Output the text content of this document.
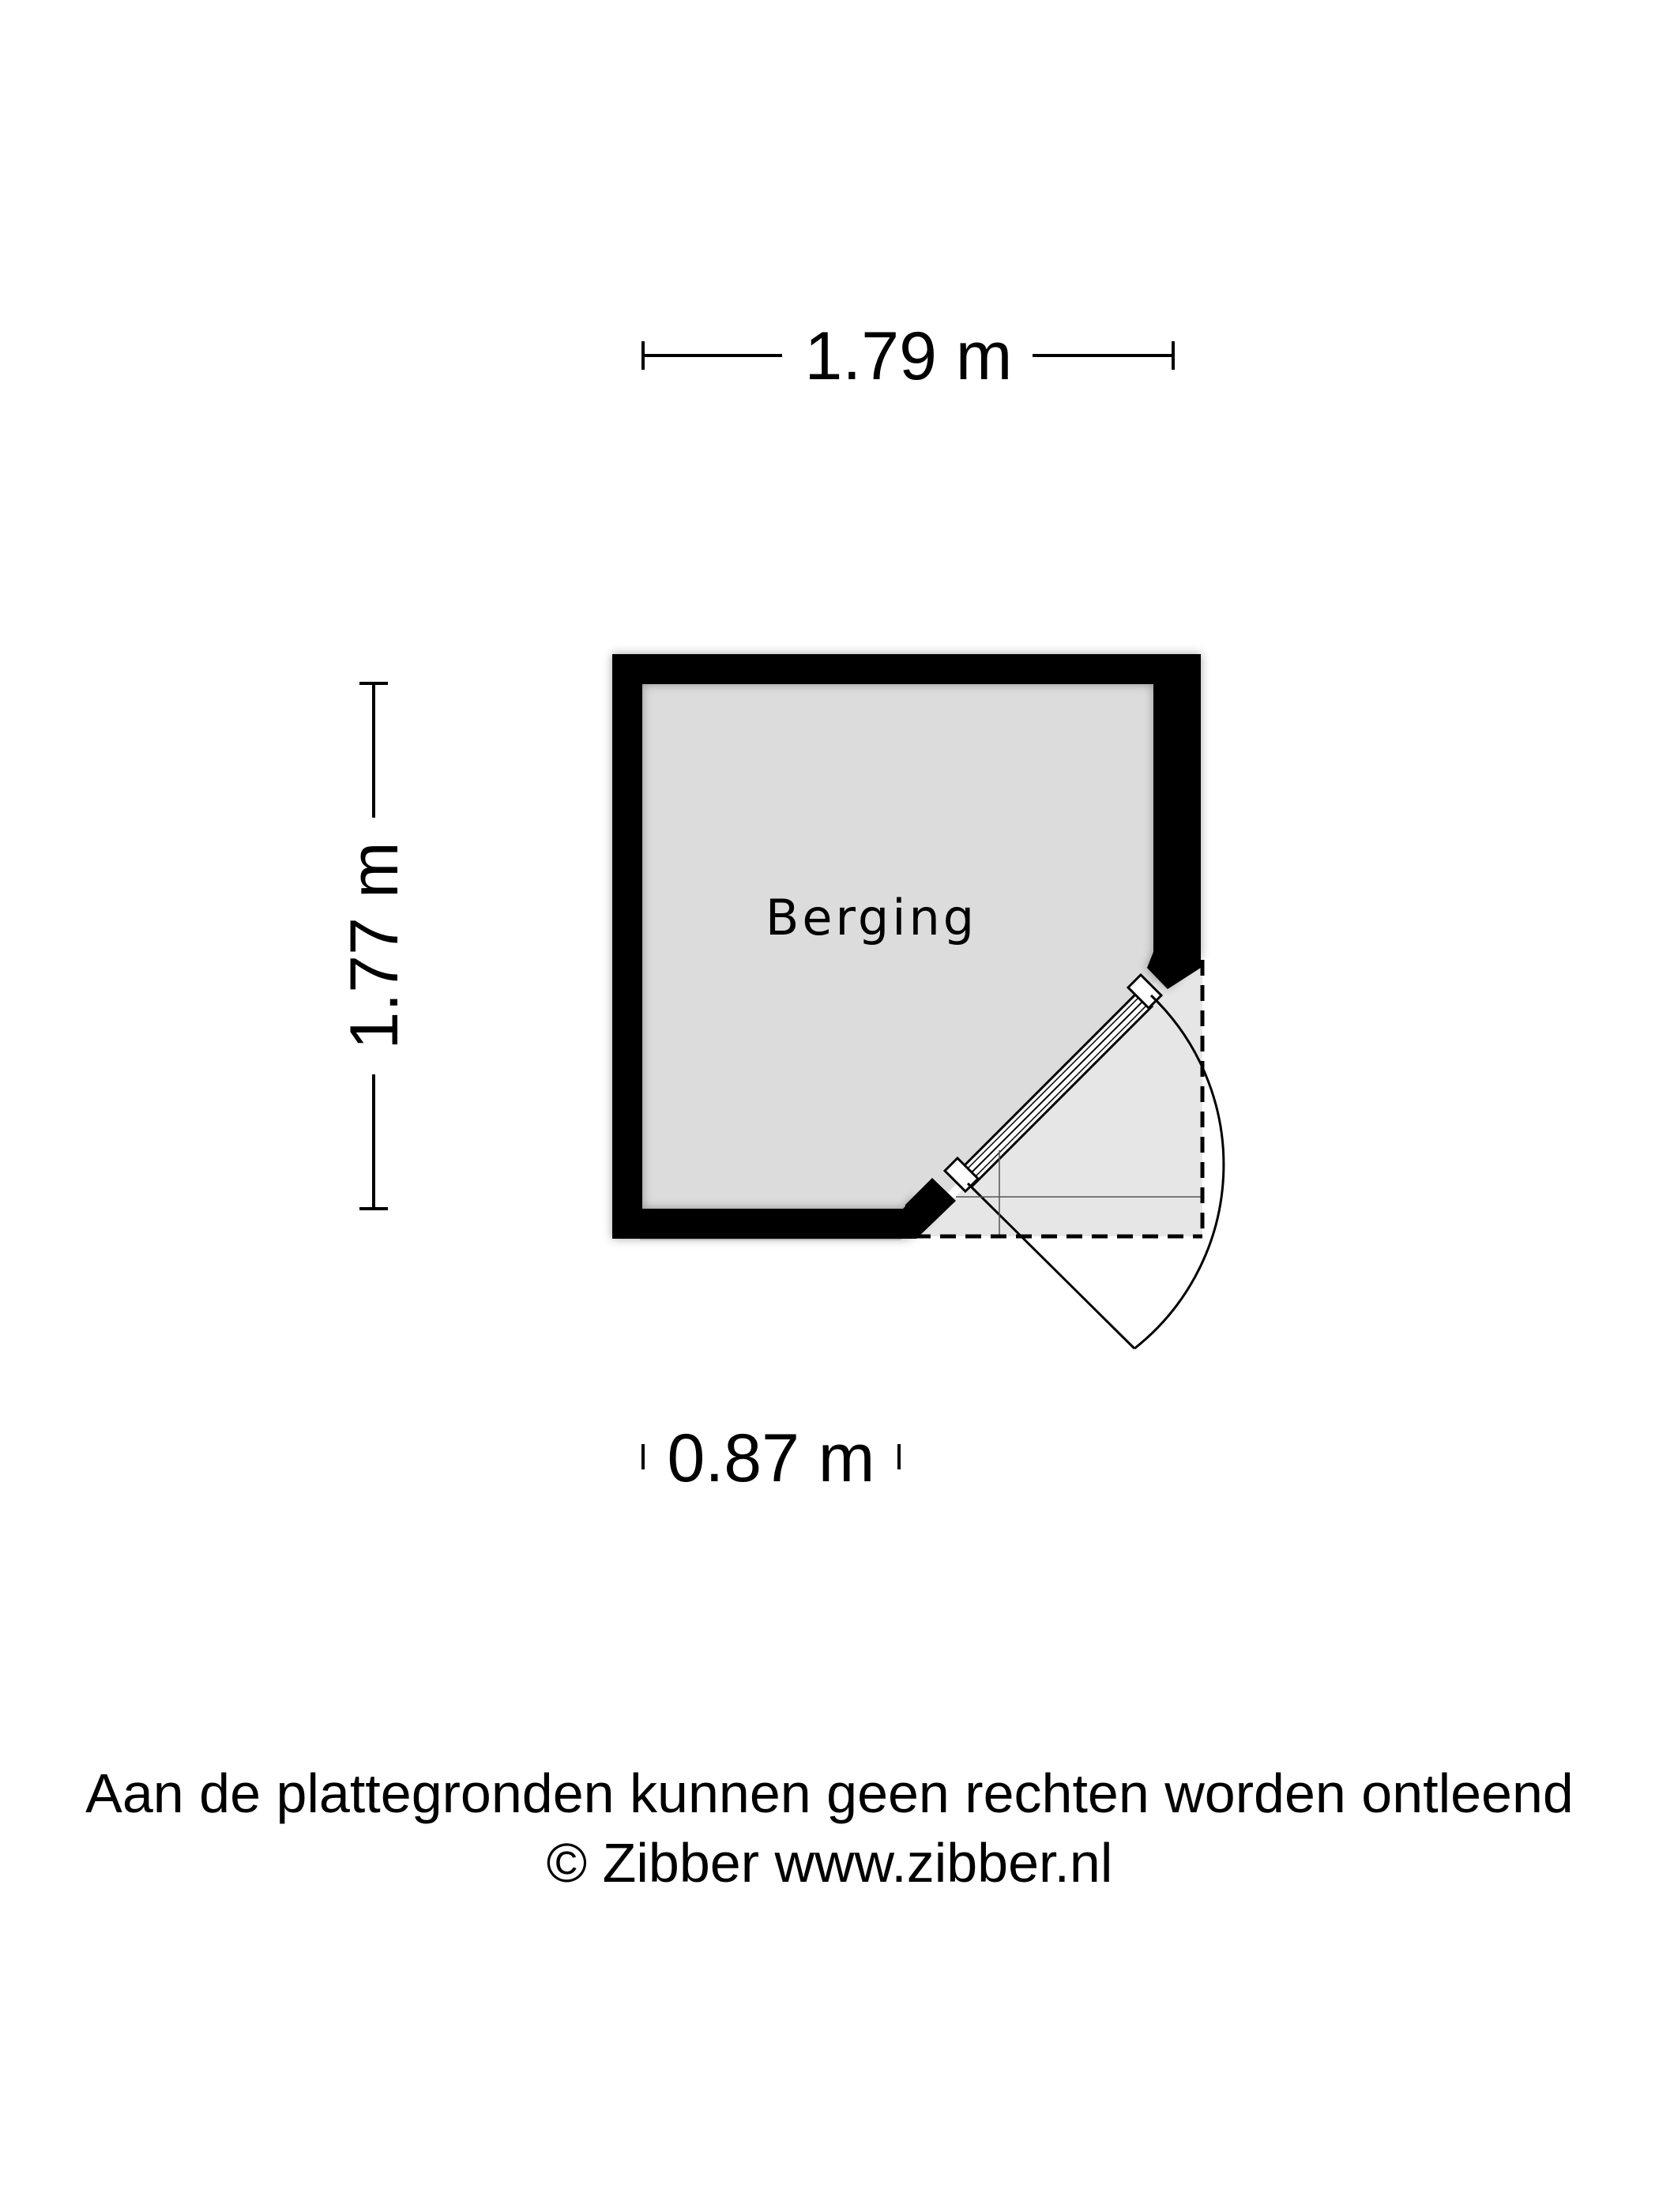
1.79 m
1.77 m	Berging
0.87 m
Aan de plattegronden kunnen geen rechten worden ontleend
© Zibber www.zibber.nl
